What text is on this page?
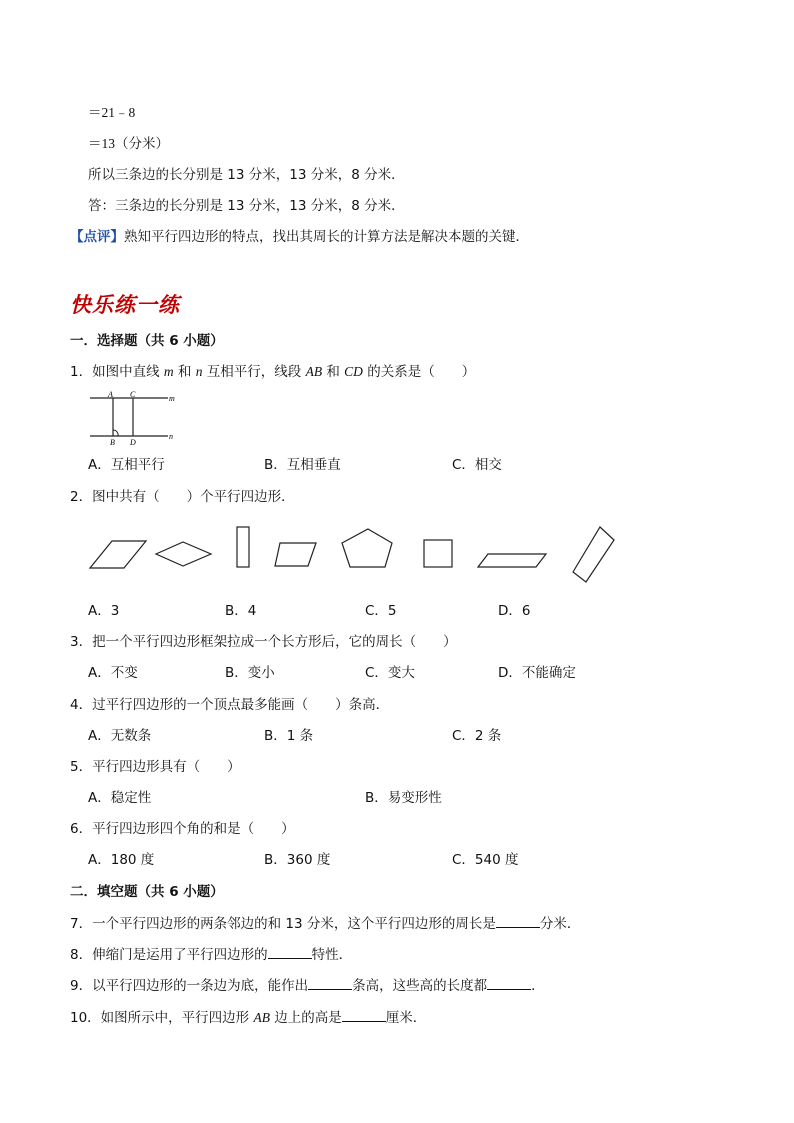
＝21﹣8
＝13（分米）
所以三条边的长分别是 13 分米，13 分米，8 分米．
答：三条边的长分别是 13 分米，13 分米，8 分米．
【点评】熟知平行四边形的特点，找出其周长的计算方法是解决本题的关键．
快乐练一练
一．选择题（共 6 小题）
1．如图中直线 m 和 n 互相平行，线段 AB 和 CD 的关系是（　　）
A C
B D
m
n
A．互相平行	B．互相垂直	C．相交
2．图中共有（　　）个平行四边形．
A．3	B．4	C．5	D．6
3．把一个平行四边形框架拉成一个长方形后，它的周长（　　）
A．不变	B．变小	C．变大	D．不能确定
4．过平行四边形的一个顶点最多能画（　　）条高．
A．无数条	B．1 条	C．2 条
5．平行四边形具有（　　）
A．稳定性	B．易变形性
6．平行四边形四个角的和是（　　）
A．180 度	B．360 度	C．540 度
二．填空题（共 6 小题）
7．一个平行四边形的两条邻边的和 13 分米，这个平行四边形的周长是	分米．
8．伸缩门是运用了平行四边形的	特性．
9．以平行四边形的一条边为底，能作出	条高，这些高的长度都	．
10．如图所示中，平行四边形 AB 边上的高是	厘米．
